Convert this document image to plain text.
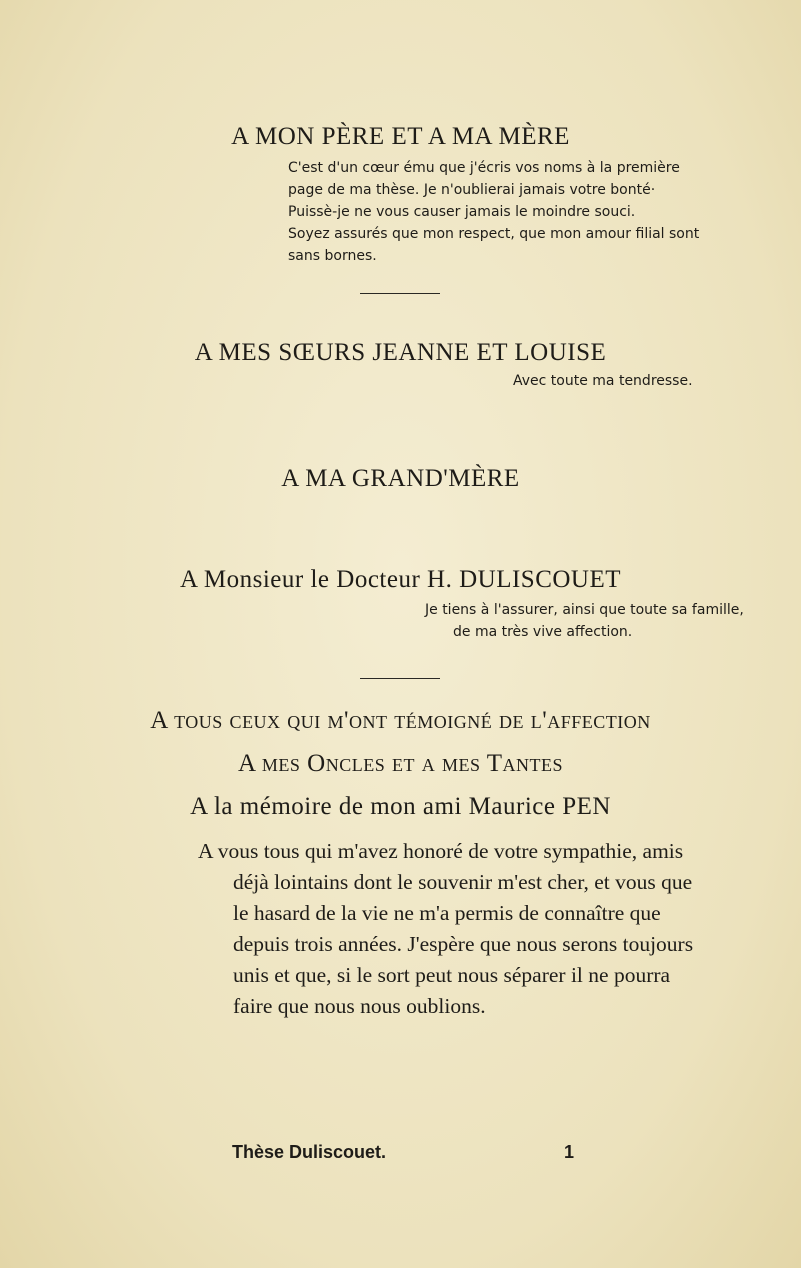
A MON PÈRE ET A MA MÈRE
C'est d'un cœur ému que j'écris vos noms à la première
page de ma thèse. Je n'oublierai jamais votre bonté·
Puissè-je ne vous causer jamais le moindre souci.
Soyez assurés que mon respect, que mon amour filial sont
sans bornes.
A MES SŒURS JEANNE ET LOUISE
Avec toute ma tendresse.
A MA GRAND'MÈRE
A Monsieur le Docteur H. DULISCOUET
Je tiens à l'assurer, ainsi que toute sa famille,
de ma très vive affection.
A tous ceux qui m'ont témoigné de l'affection
A mes Oncles et a mes Tantes
A la mémoire de mon ami Maurice PEN
A vous tous qui m'avez honoré de votre sympathie, amis
déjà lointains dont le souvenir m'est cher, et vous que
le hasard de la vie ne m'a permis de connaître que
depuis trois années. J'espère que nous serons toujours
unis et que, si le sort peut nous séparer il ne pourra
faire que nous nous oublions.
Thèse Duliscouet.	1
